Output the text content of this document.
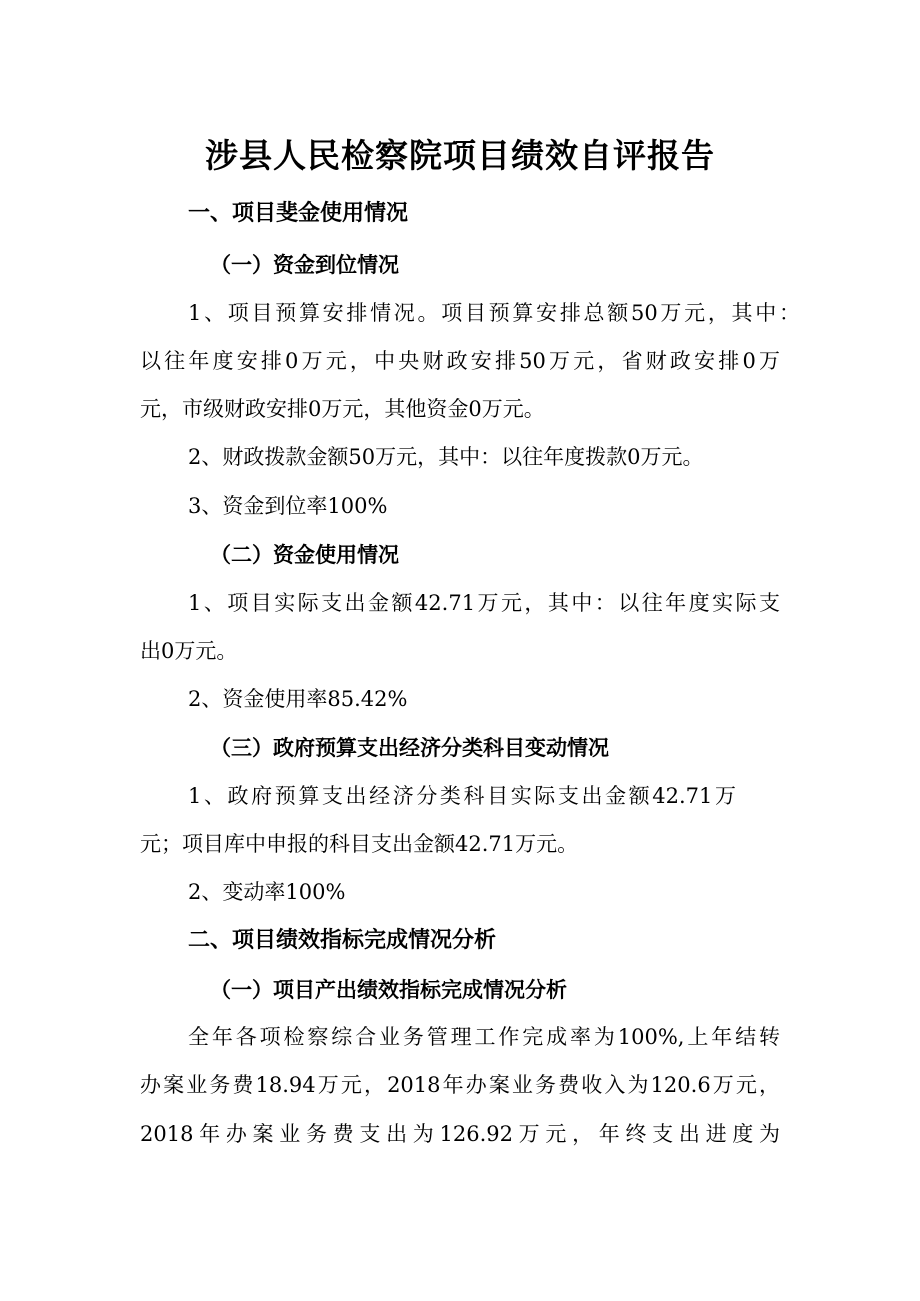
涉县人民检察院项目绩效自评报告
一、项目斐金使用情况
（一）资金到位情况
1、项目预算安排情况。项目预算安排总额50万元，其中：
以往年度安排0万元，中央财政安排50万元，省财政安排0万
元，市级财政安排0万元，其他资金0万元。
2、财政拨款金额50万元，其中：以往年度拨款0万元。
3、资金到位率100%
（二）资金使用情况
1、项目实际支出金额42.71万元，其中：以往年度实际支
出0万元。
2、资金使用率85.42%
（三）政府预算支出经济分类科目变动情况
1、政府预算支出经济分类科目实际支出金额42.71万
元；项目库中申报的科目支出金额42.71万元。
2、变动率100%
二、项目绩效指标完成情况分析
（一）项目产出绩效指标完成情况分析
全年各项检察综合业务管理工作完成率为100%,上年结转
办案业务费18.94万元，2018年办案业务费收入为120.6万元，
2018年办案业务费支出为126.92万元，年终支出进度为
